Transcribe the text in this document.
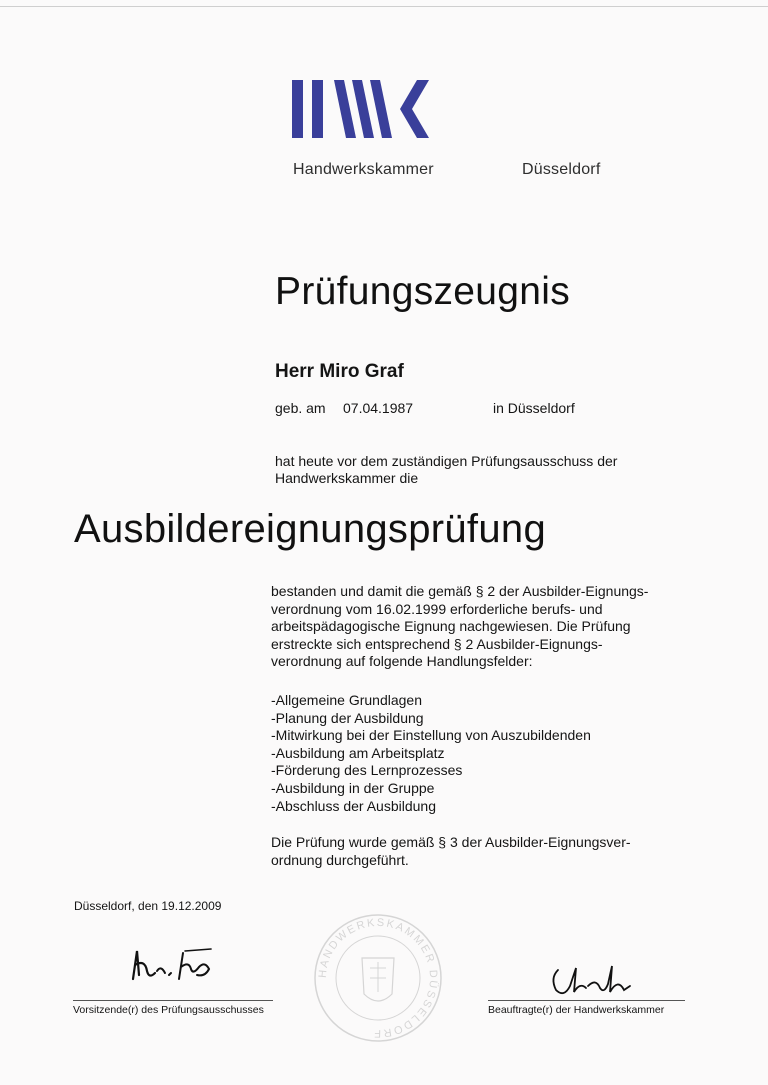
Handwerkskammer	Düsseldorf
Prüfungszeugnis
Herr Miro Graf
geb. am 07.04.1987	in Düsseldorf

hat heute vor dem zuständigen Prüfungsausschuss der

Handwerkskammer die

Ausbildereignungsprüfung

bestanden und damit die gemäß § 2 der Ausbilder-Eignungs-

verordnung vom 16.02.1999 erforderliche berufs- und

arbeitspädagogische Eignung nachgewiesen. Die Prüfung

erstreckte sich entsprechend § 2 Ausbilder-Eignungs-

verordnung auf folgende Handlungsfelder:

-Allgemeine Grundlagen
-Planung der Ausbildung
-Mitwirkung bei der Einstellung von Auszubildenden
-Ausbildung am Arbeitsplatz
-Förderung des Lernprozesses
-Ausbildung in der Gruppe
-Abschluss der Ausbildung

Die Prüfung wurde gemäß § 3 der Ausbilder-Eignungsver-

ordnung durchgeführt.

Düsseldorf, den 19.12.2009
HANDWERKSKAMMER DÜSSELDORF
Vorsitzende(r) des Prüfungsausschusses	Beauftragte(r) der Handwerkskammer
